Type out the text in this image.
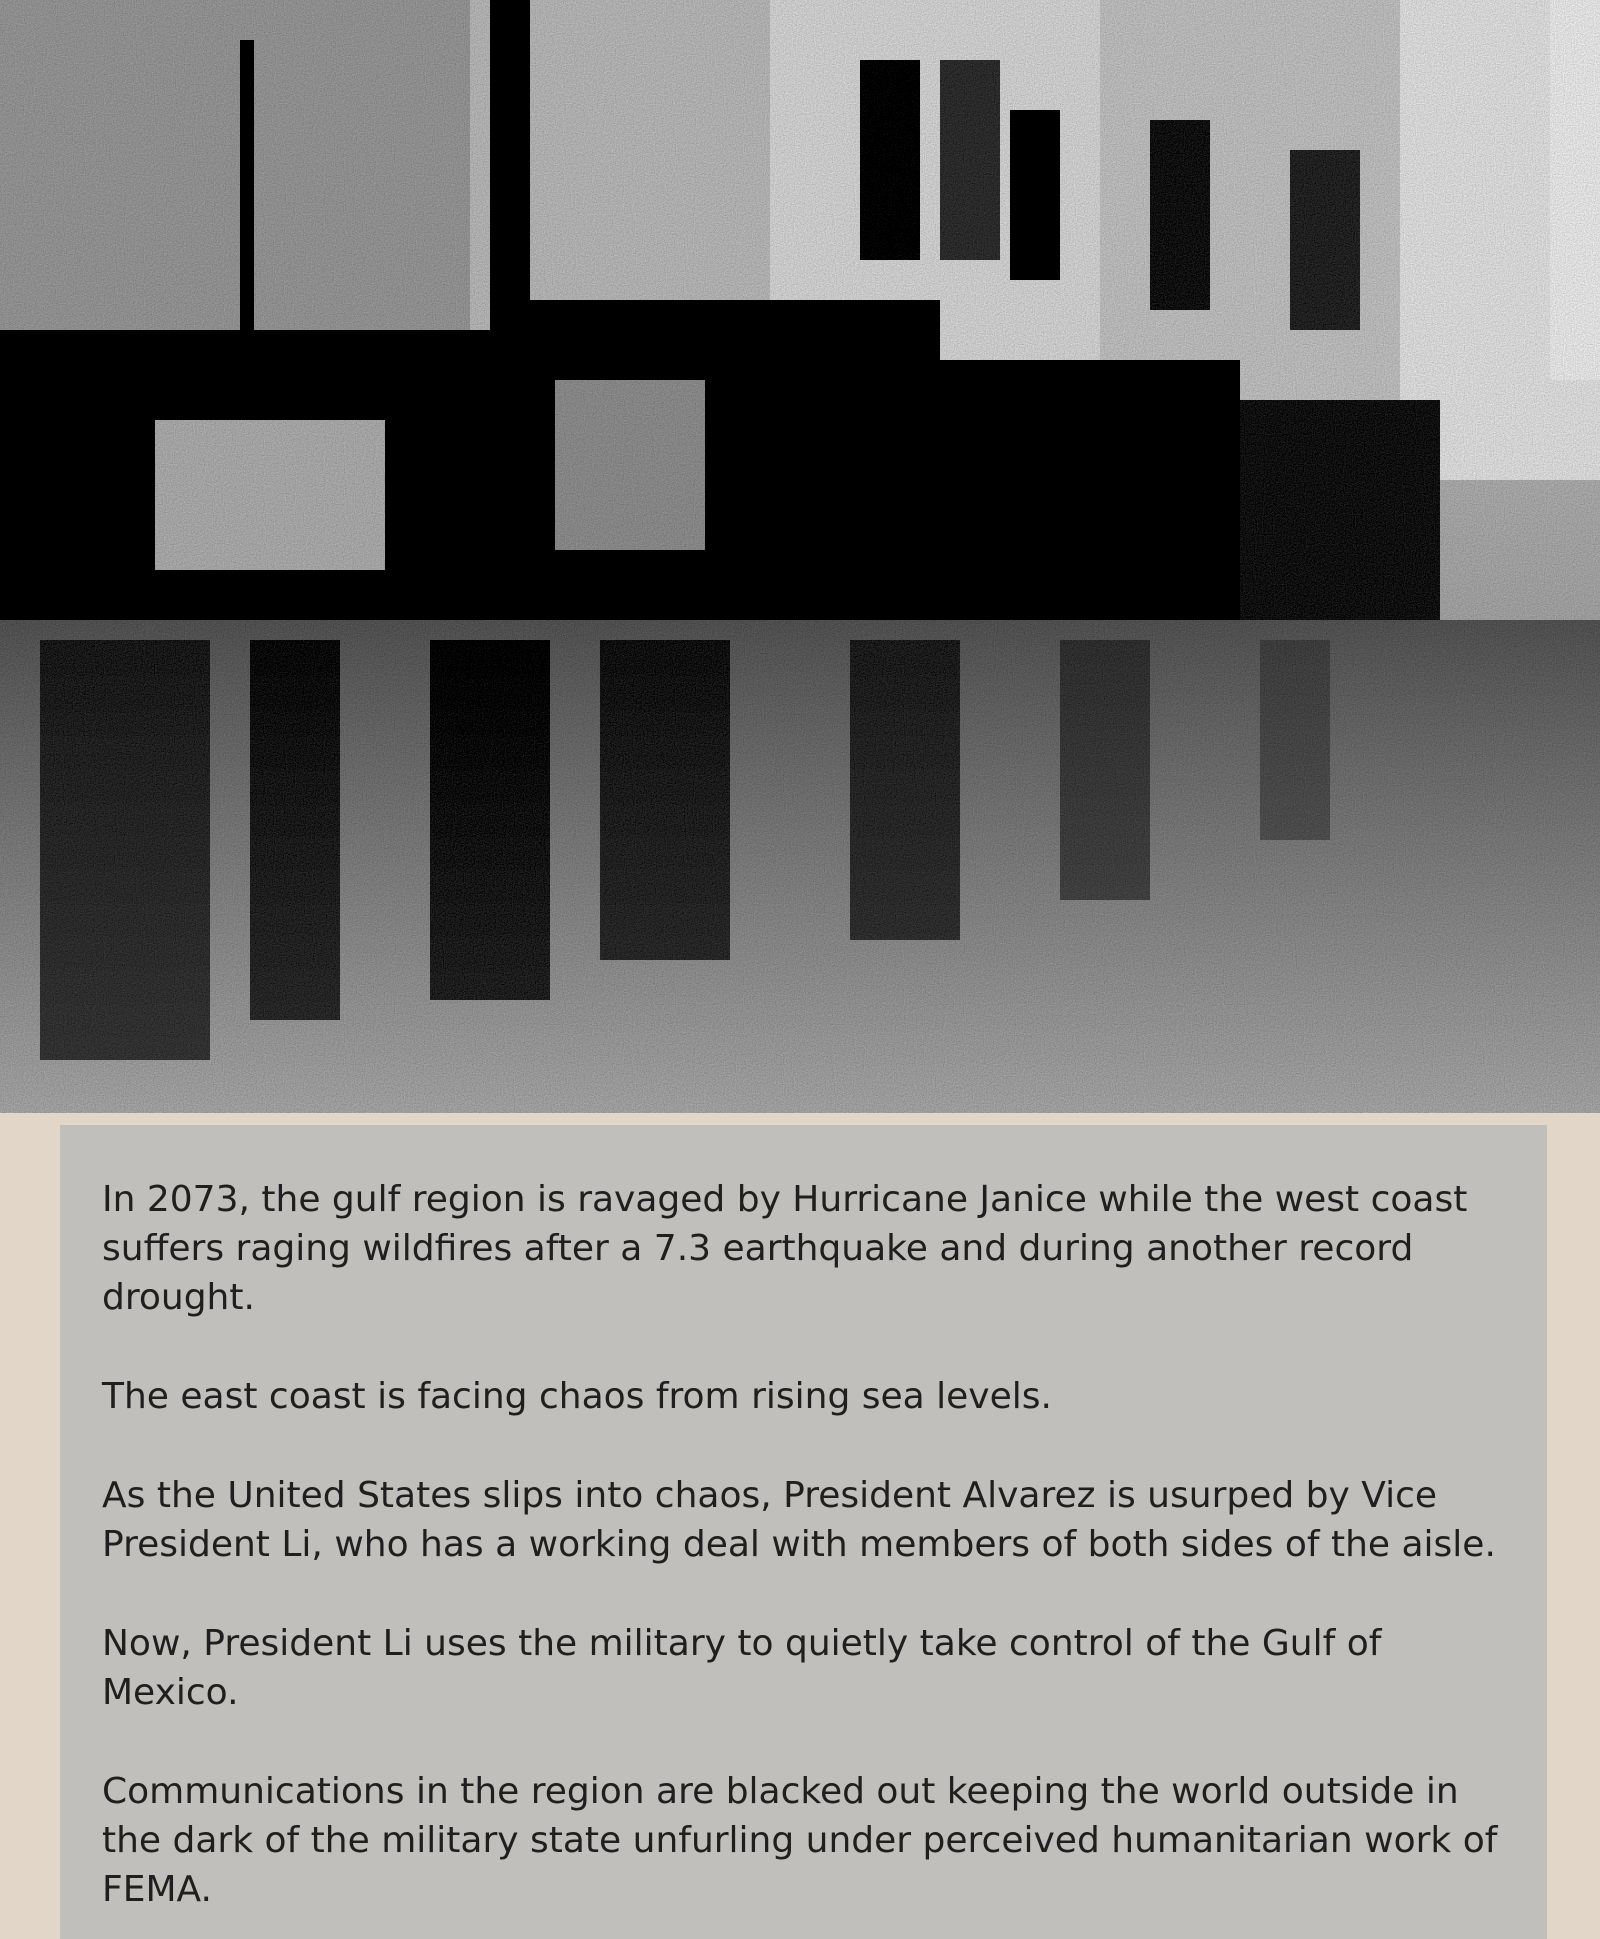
In 2073, the gulf region is ravaged by Hurricane Janice while the west coast suffers raging wildfires after a 7.3 earthquake and during another record drought.

The east coast is facing chaos from rising sea levels.

As the United States slips into chaos, President Alvarez is usurped by Vice President Li, who has a working deal with members of both sides of the aisle.

Now, President Li uses the military to quietly take control of the Gulf of Mexico.

Communications in the region are blacked out keeping the world outside in the dark of the military state unfurling under perceived humanitarian work of FEMA.
